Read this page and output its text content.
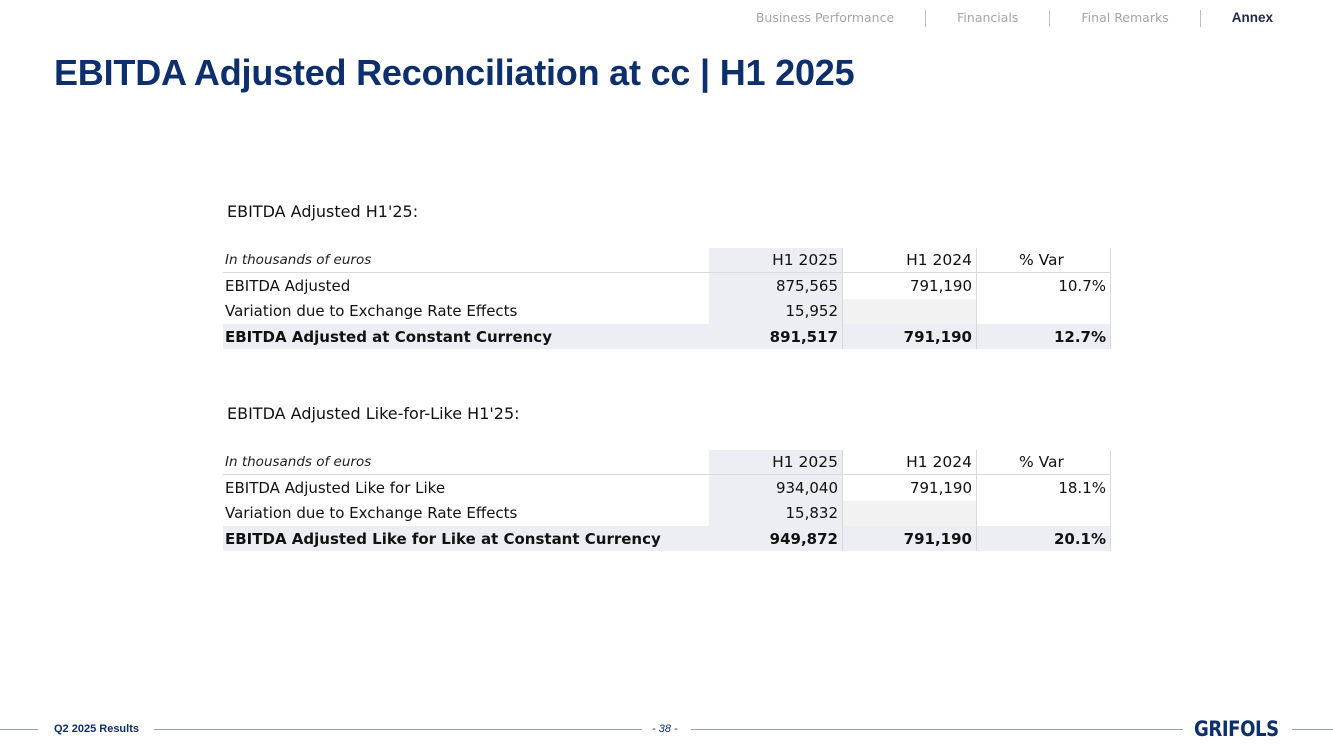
Business Performance	Financials	Final Remarks	Annex
EBITDA Adjusted Reconciliation at cc | H1 2025
EBITDA Adjusted H1'25:
In thousands of euros	H1 2025	H1 2024	% Var
EBITDA Adjusted	875,565	791,190	10.7%
Variation due to Exchange Rate Effects	15,952
EBITDA Adjusted at Constant Currency	891,517	791,190	12.7%
EBITDA Adjusted Like-for-Like H1'25:
In thousands of euros	H1 2025	H1 2024	% Var
EBITDA Adjusted Like for Like	934,040	791,190	18.1%
Variation due to Exchange Rate Effects	15,832
EBITDA Adjusted Like for Like at Constant Currency	949,872	791,190	20.1%
Q2 2025 Results	- 38 -	GRIFOLS
